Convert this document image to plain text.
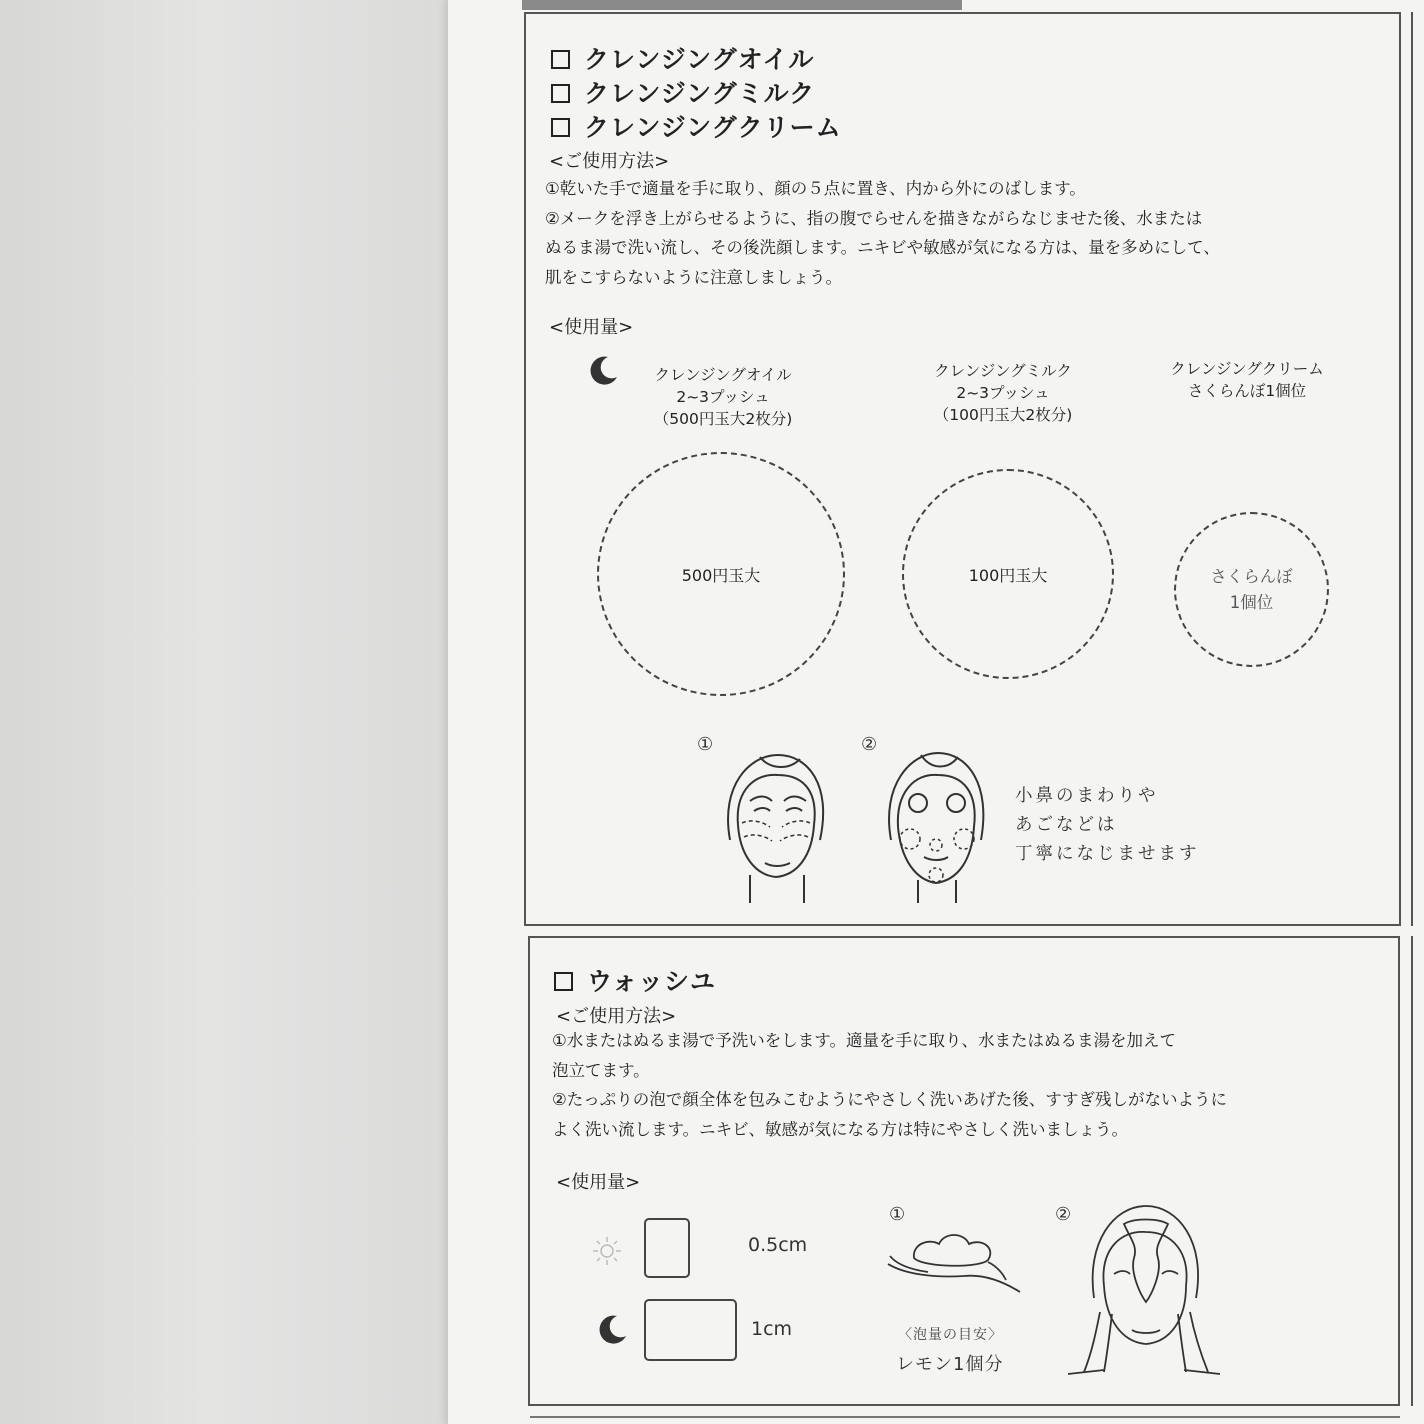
クレンジングオイル
クレンジングミルク
クレンジングクリーム
<ご使用方法>
①乾いた手で適量を手に取り、顔の５点に置き、内から外にのばします。
②メークを浮き上がらせるように、指の腹でらせんを描きながらなじませた後、水または
ぬるま湯で洗い流し、その後洗顔します。ニキビや敏感が気になる方は、量を多めにして、
肌をこすらないように注意しましょう。
<使用量>
クレンジングオイル
2~3プッシュ
（500円玉大2枚分)
クレンジングミルク
2~3プッシュ
（100円玉大2枚分)
クレンジングクリーム
さくらんぼ1個位
500円玉大	100円玉大	さくらんぼ
1個位
①	②
小鼻のまわりや
あごなどは
丁寧になじませます
ウォッシユ
<ご使用方法>
①水またはぬるま湯で予洗いをします。適量を手に取り、水またはぬるま湯を加えて
泡立てます。
②たっぷりの泡で顔全体を包みこむようにやさしく洗いあげた後、すすぎ残しがないように
よく洗い流します。ニキビ、敏感が気になる方は特にやさしく洗いましょう。
<使用量>
0.5cm
1cm
①
〈泡量の目安〉
レモン1個分
②
